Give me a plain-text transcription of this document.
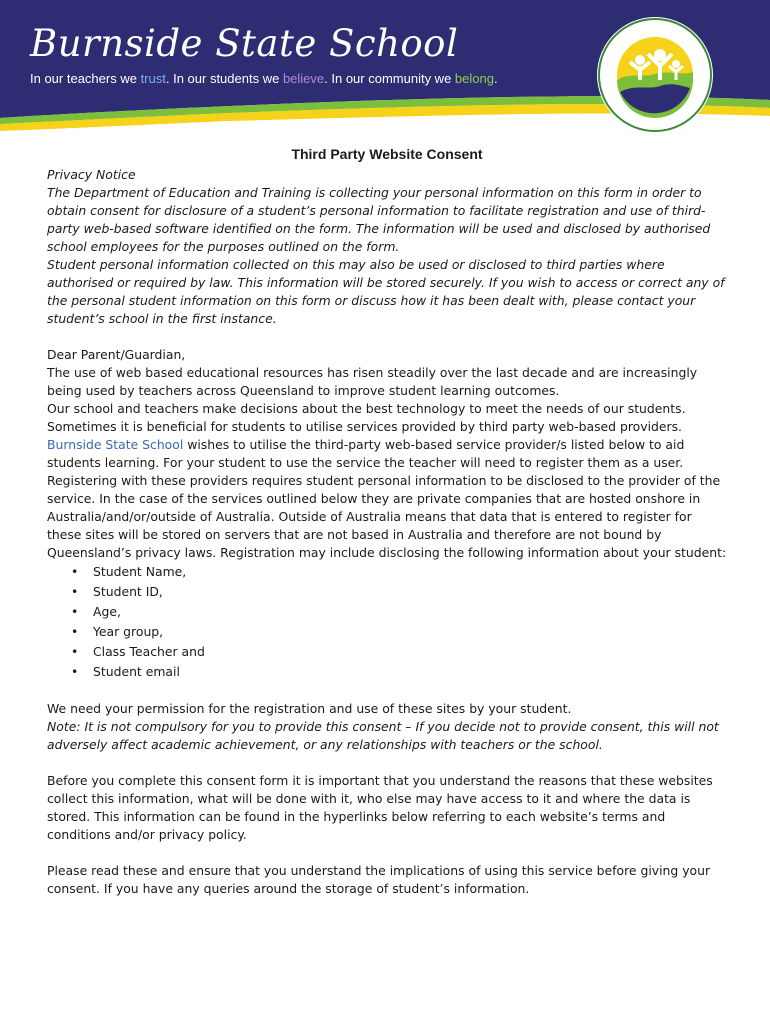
Burnside State School
In our teachers we trust. In our students we believe. In our community we belong.
Third Party Website Consent

Privacy Notice

The Department of Education and Training is collecting your personal information on this form in order to obtain consent for disclosure of a student’s personal information to facilitate registration and use of third-party web-based software identified on the form. The information will be used and disclosed by authorised school employees for the purposes outlined on the form.

Student personal information collected on this may also be used or disclosed to third parties where authorised or required by law. This information will be stored securely. If you wish to access or correct any of the personal student information on this form or discuss how it has been dealt with, please contact your student’s school in the first instance.

Dear Parent/Guardian,

The use of web based educational resources has risen steadily over the last decade and are increasingly being used by teachers across Queensland to improve student learning outcomes.

Our school and teachers make decisions about the best technology to meet the needs of our students. Sometimes it is beneficial for students to utilise services provided by third party web-based providers.

Burnside State School wishes to utilise the third-party web-based service provider/s listed below to aid students learning. For your student to use the service the teacher will need to register them as a user.

Registering with these providers requires student personal information to be disclosed to the provider of the service. In the case of the services outlined below they are private companies that are hosted onshore in Australia/and/or/outside of Australia. Outside of Australia means that data that is entered to register for these sites will be stored on servers that are not based in Australia and therefore are not bound by Queensland’s privacy laws. Registration may include disclosing the following information about your student:

• Student Name,
• Student ID,
• Age,
• Year group,
• Class Teacher and
• Student email

We need your permission for the registration and use of these sites by your student.

Note: It is not compulsory for you to provide this consent – If you decide not to provide consent, this will not adversely affect academic achievement, or any relationships with teachers or the school.

Before you complete this consent form it is important that you understand the reasons that these websites collect this information, what will be done with it, who else may have access to it and where the data is stored. This information can be found in the hyperlinks below referring to each website’s terms and conditions and/or privacy policy.

Please read these and ensure that you understand the implications of using this service before giving your consent. If you have any queries around the storage of student’s information.
